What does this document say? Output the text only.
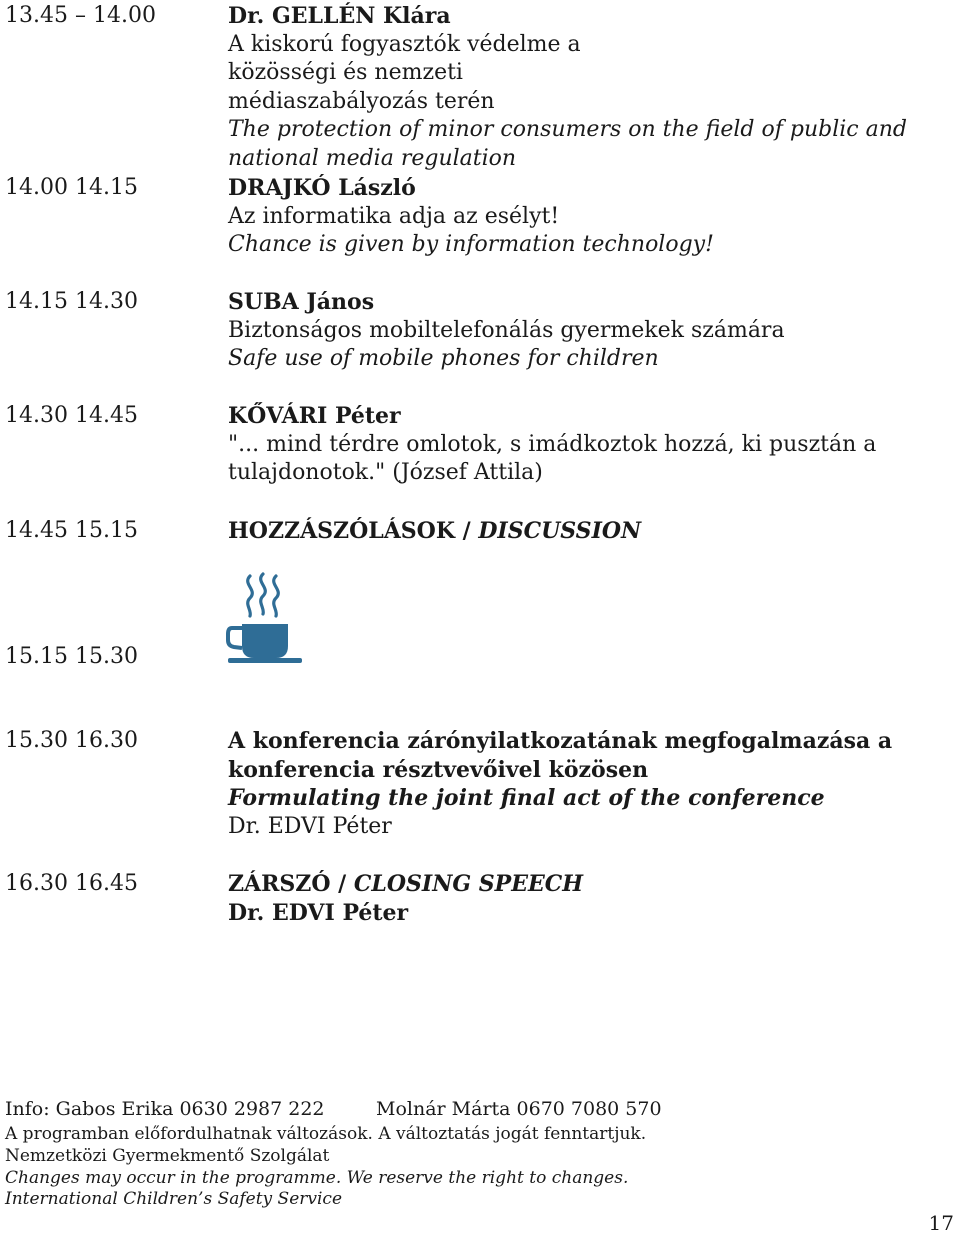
13.45 – 14.00	Dr. GELLÉN Klára
A kiskorú fogyasztók védelme a közösségi és nemzeti médiaszabályozás terén
The protection of minor consumers on the field of public and national media regulation
14.00 14.15	DRAJKÓ László
Az informatika adja az esélyt!
Chance is given by information technology!
14.15 14.30	SUBA János
Biztonságos mobiltelefonálás gyermekek számára
Safe use of mobile phones for children
14.30 14.45	KŐVÁRI Péter
"... mind térdre omlotok, s imádkoztok hozzá, ki pusztán a tulajdonotok." (József Attila)
14.45 15.15	HOZZÁSZÓLÁSOK / DISCUSSION
15.15 15.30
15.30 16.30	A konferencia zárónyilatkozatának megfogalmazása a konferencia résztvevőivel közösen
Formulating the joint final act of the conference
Dr. EDVI Péter
16.30 16.45	ZÁRSZÓ / CLOSING SPEECH
Dr. EDVI Péter
Info: Gabos Erika 0630 2987 222	Molnár Márta 0670 7080 570
A programban előfordulhatnak változások. A változtatás jogát fenntartjuk.
Nemzetközi Gyermekmentő Szolgálat
Changes may occur in the programme. We reserve the right to changes.
International Children’s Safety Service
17
